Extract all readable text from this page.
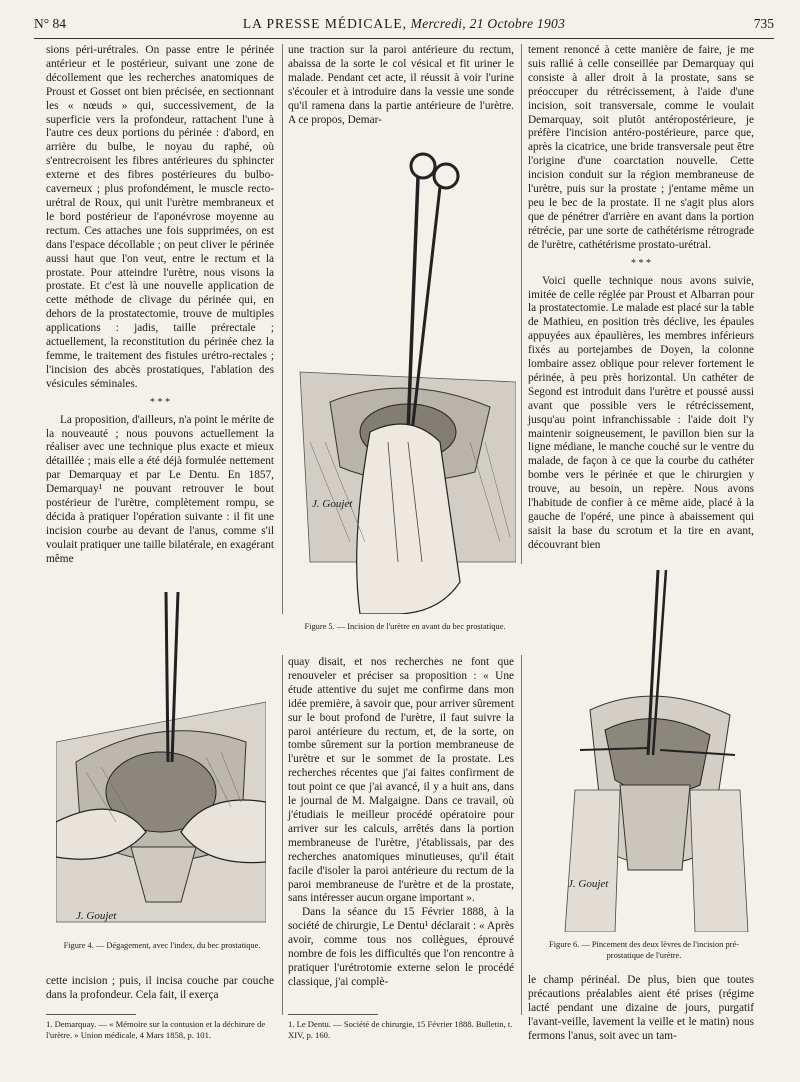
N° 84	LA PRESSE MÉDICALE, Mercredi, 21 Octobre 1903	735

sions péri-urétrales. On passe entre le périnée antérieur et le postérieur, suivant une zone de décollement que les recherches anatomiques de Proust et Gosset ont bien précisée, en sectionnant les « nœuds » qui, successivement, de la superficie vers la profondeur, rattachent l'une à l'autre ces deux portions du périnée : d'abord, en arrière du bulbe, le noyau du raphé, où s'entrecroisent les fibres antérieures du sphincter externe et des fibres postérieures du bulbo-caverneux ; plus profondément, le muscle recto-urétral de Roux, qui unit l'urètre membraneux et le bord postérieur de l'aponévrose moyenne au rectum. Ces attaches une fois supprimées, on est dans l'espace décollable ; on peut cliver le périnée aussi haut que l'on veut, entre le rectum et la prostate. Pour atteindre l'urètre, nous visons la prostate. Et c'est là une nouvelle application de cette méthode de clivage du périnée qui, en dehors de la prostatectomie, trouve de multiples applications : jadis, taille prérectale ; actuellement, la reconstitution du périnée chez la femme, le traitement des fistules urétro-rectales ; l'incision des abcès prostatiques, l'ablation des vésicules séminales.

* * *

La proposition, d'ailleurs, n'a point le mérite de la nouveauté ; nous pouvons actuellement la réaliser avec une technique plus exacte et mieux détaillée ; mais elle a été déjà formulée nettement par Demarquay et par Le Dentu. En 1857, Demarquay¹ ne pouvant retrouver le bout postérieur de l'urètre, complètement rompu, se décida à pratiquer l'opération suivante : il fit une incision courbe au devant de l'anus, comme s'il voulait pratiquer une taille bilatérale, en exagérant même

J. Goujet
Figure 4. — Dégagement, avec l'index, du bec prostatique.

cette incision ; puis, il incisa couche par couche dans la profondeur. Cela fait, il exerça

1. Demarquay. — « Mémoire sur la contusion et la déchirure de l'urètre. » Union médicale, 4 Mars 1858, p. 101.

une traction sur la paroi antérieure du rectum, abaissa de la sorte le col vésical et fit uriner le malade. Pendant cet acte, il réussit à voir l'urine s'écouler et à introduire dans la vessie une sonde qu'il ramena dans la partie antérieure de l'urètre. A ce propos, Demar-

J. Goujet
Figure 5. — Incision de l'urètre en avant du bec prostatique.

quay disait, et nos recherches ne font que renouveler et préciser sa proposition : « Une étude attentive du sujet me confirme dans mon idée première, à savoir que, pour arriver sûrement sur le bout profond de l'urètre, il faut suivre la paroi antérieure du rectum, et, de la sorte, on tombe sûrement sur la portion membraneuse de l'urètre et sur le sommet de la prostate. Les recherches récentes que j'ai faites confirment de tout point ce que j'ai avancé, il y a huit ans, dans le journal de M. Malgaigne. Dans ce travail, où j'étudiais le meilleur procédé opératoire pour arriver sur les calculs, arrêtés dans la portion membraneuse de l'urètre, j'établissais, par des recherches anatomiques minutieuses, qu'il était facile d'isoler la paroi antérieure du rectum de la paroi membraneuse de l'urètre et de la prostate, sans intéresser aucun organe important ».

Dans la séance du 15 Février 1888, à la société de chirurgie, Le Dentu¹ déclarait : « Après avoir, comme tous nos collègues, éprouvé nombre de fois les difficultés que l'on rencontre à pratiquer l'urétrotomie externe selon le procédé classique, j'ai complè-

1. Le Dentu. — Société de chirurgie, 15 Février 1888. Bulletin, t. XIV, p. 160.

tement renoncé à cette manière de faire, je me suis rallié à celle conseillée par Demarquay qui consiste à aller droit à la prostate, sans se préoccuper du rétrécissement, à l'aide d'une incision, soit transversale, comme le voulait Demarquay, soit plutôt antéropostérieure, je préfère l'incision antéro-postérieure, parce que, après la cicatrice, une bride transversale peut être l'origine d'une coarctation nouvelle. Cette incision conduit sur la région membraneuse de l'urètre, puis sur la prostate ; j'entame même un peu le bec de la prostate. Il ne s'agit plus alors que de pénétrer d'arrière en avant dans la portion rétrécie, par une sorte de cathétérisme rétrograde de l'urètre, cathétérisme prostato-urétral.

* * *

Voici quelle technique nous avons suivie, imitée de celle réglée par Proust et Albarran pour la prostatectomie. Le malade est placé sur la table de Mathieu, en position très déclive, les épaules appuyées aux épaulières, les membres inférieurs fixés au portejambes de Doyen, la colonne lombaire assez oblique pour relever fortement le périnée, à peu près horizontal. Un cathéter de Segond est introduit dans l'urètre et poussé aussi avant que possible vers le rétrécissement, jusqu'au point infranchissable : l'aide doit l'y maintenir soigneusement, le pavillon bien sur la ligne médiane, le manche couché sur le ventre du malade, de façon à ce que la courbe du cathéter bombe vers le périnée et que le chirurgien y trouve, au besoin, un repère. Nous avons l'habitude de confier à ce même aide, placé à la gauche de l'opéré, une pince à abaissement qui saisit la base du scrotum et la tire en avant, découvrant bien

J. Goujet
Figure 6. — Pincement des deux lèvres de l'incision pré-prostatique de l'urètre.

le champ périnéal. De plus, bien que toutes précautions préalables aient été prises (régime lacté pendant une dizaine de jours, purgatif l'avant-veille, lavement la veille et le matin) nous fermons l'anus, soit avec un tam-
